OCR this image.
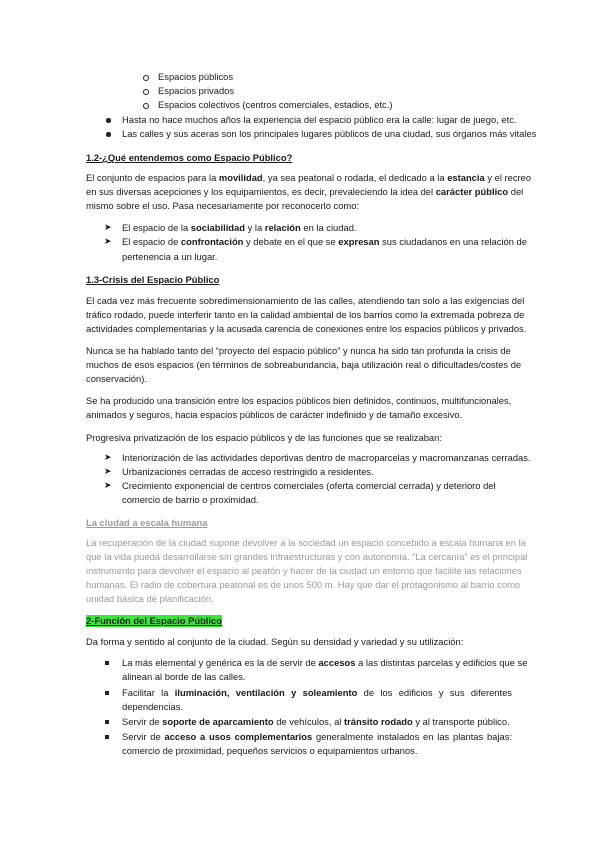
Espacios públicos
Espacios privados
Espacios colectivos (centros comerciales, estadios, etc.)
Hasta no hace muchos años la experiencia del espacio público era la calle: lugar de juego, etc.
Las calles y sus aceras son los principales lugares públicos de una ciudad, sus órganos más vitales
1.2-¿Qué entendemos como Espacio Público?
El conjunto de espacios para la movilidad, ya sea peatonal o rodada, el dedicado a la estancia y el recreo
en sus diversas acepciones y los equipamientos, es decir, prevaleciendo la idea del carácter público del
mismo sobre el uso. Pasa necesariamente por reconocerlo como:
➤ El espacio de la sociabilidad y la relación en la ciudad.
➤ El espacio de confrontación y debate en el que se expresan sus ciudadanos en una relación de
pertenencia a un lugar.
1.3-Crisis del Espacio Público
El cada vez más frecuente sobredimensionamiento de las calles, atendiendo tan solo a las exigencias del
tráfico rodado, puede interferir tanto en la calidad ambiental de los barrios como la extremada pobreza de
actividades complementarias y la acusada carencia de conexiones entre los espacios públicos y privados.
Nunca se ha hablado tanto del “proyecto del espacio público” y nunca ha sido tan profunda la crisis de
muchos de esos espacios (en términos de sobreabundancia, baja utilización real o dificultades/costes de
conservación).
Se ha producido una transición entre los espacios públicos bien definidos, continuos, multifuncionales,
animados y seguros, hacia espacios públicos de carácter indefinido y de tamaño excesivo.
Progresiva privatización de los espacio públicos y de las funciones que se realizaban:
➤ Interiorización de las actividades deportivas dentro de macroparcelas y macromanzanas cerradas.
➤ Urbanizaciones cerradas de acceso restringido a residentes.
➤ Crecimiento exponencial de centros comerciales (oferta comercial cerrada) y deterioro del
comercio de barrio o proximidad.
La ciudad a escala humana
La recuperación de la ciudad supone devolver a la sociedad un espacio concebido a escala humana en la
que la vida pueda desarrollarse sin grandes infraestructuras y con autonomía. “La cercanía” es el principal
instrumento para devolver el espacio al peatón y hacer de la ciudad un entorno que facilite las relaciones
humanas. El radio de cobertura peatonal es de unos 500 m. Hay que dar el protagonismo al barrio como
unidad básica de planificación.
2-Función del Espacio Público
Da forma y sentido al conjunto de la ciudad. Según su densidad y variedad y su utilización:
La más elemental y genérica es la de servir de accesos a las distintas parcelas y edificios que se
alinean al borde de las calles.
Facilitar la iluminación, ventilación y soleamiento de los edificios y sus diferentes
dependencias.
Servir de soporte de aparcamiento de vehículos, al tránsito rodado y al transporte público.
Servir de acceso a usos complementarios generalmente instalados en las plantas bajas:
comercio de proximidad, pequeños servicios o equipamientos urbanos.
